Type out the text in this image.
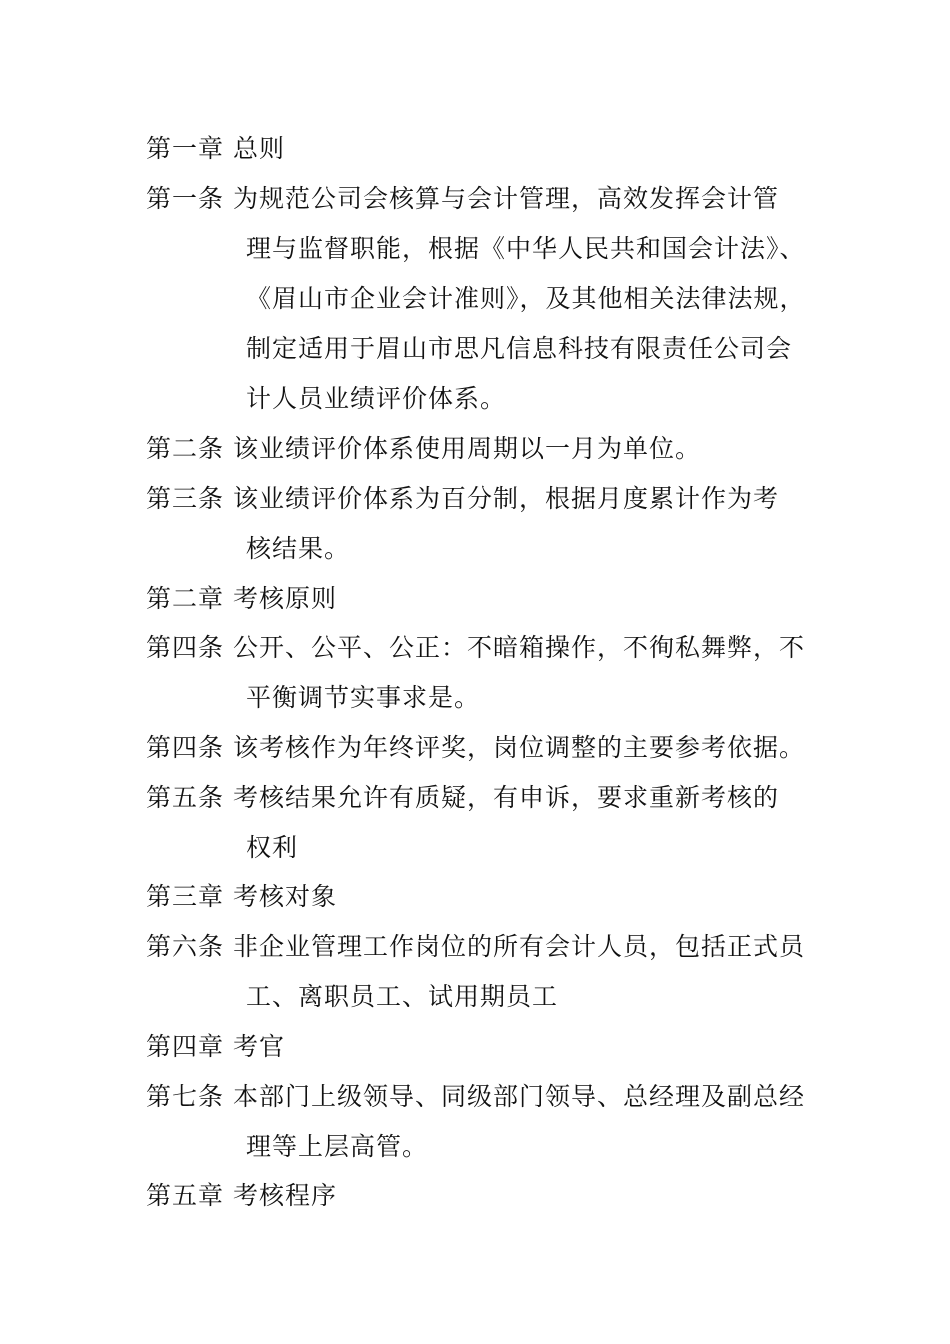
第一章 总则
第一条 为规范公司会核算与会计管理，高效发挥会计管
理与监督职能，根据《中华人民共和国会计法》、
《眉山市企业会计准则》，及其他相关法律法规，
制定适用于眉山市思凡信息科技有限责任公司会
计人员业绩评价体系。
第二条 该业绩评价体系使用周期以一月为单位。
第三条 该业绩评价体系为百分制，根据月度累计作为考
核结果。
第二章 考核原则
第四条 公开、公平、公正：不暗箱操作，不徇私舞弊，不
平衡调节实事求是。
第四条 该考核作为年终评奖，岗位调整的主要参考依据。
第五条 考核结果允许有质疑，有申诉，要求重新考核的
权利
第三章 考核对象
第六条 非企业管理工作岗位的所有会计人员，包括正式员
工、离职员工、试用期员工
第四章 考官
第七条 本部门上级领导、同级部门领导、总经理及副总经
理等上层高管。
第五章 考核程序
